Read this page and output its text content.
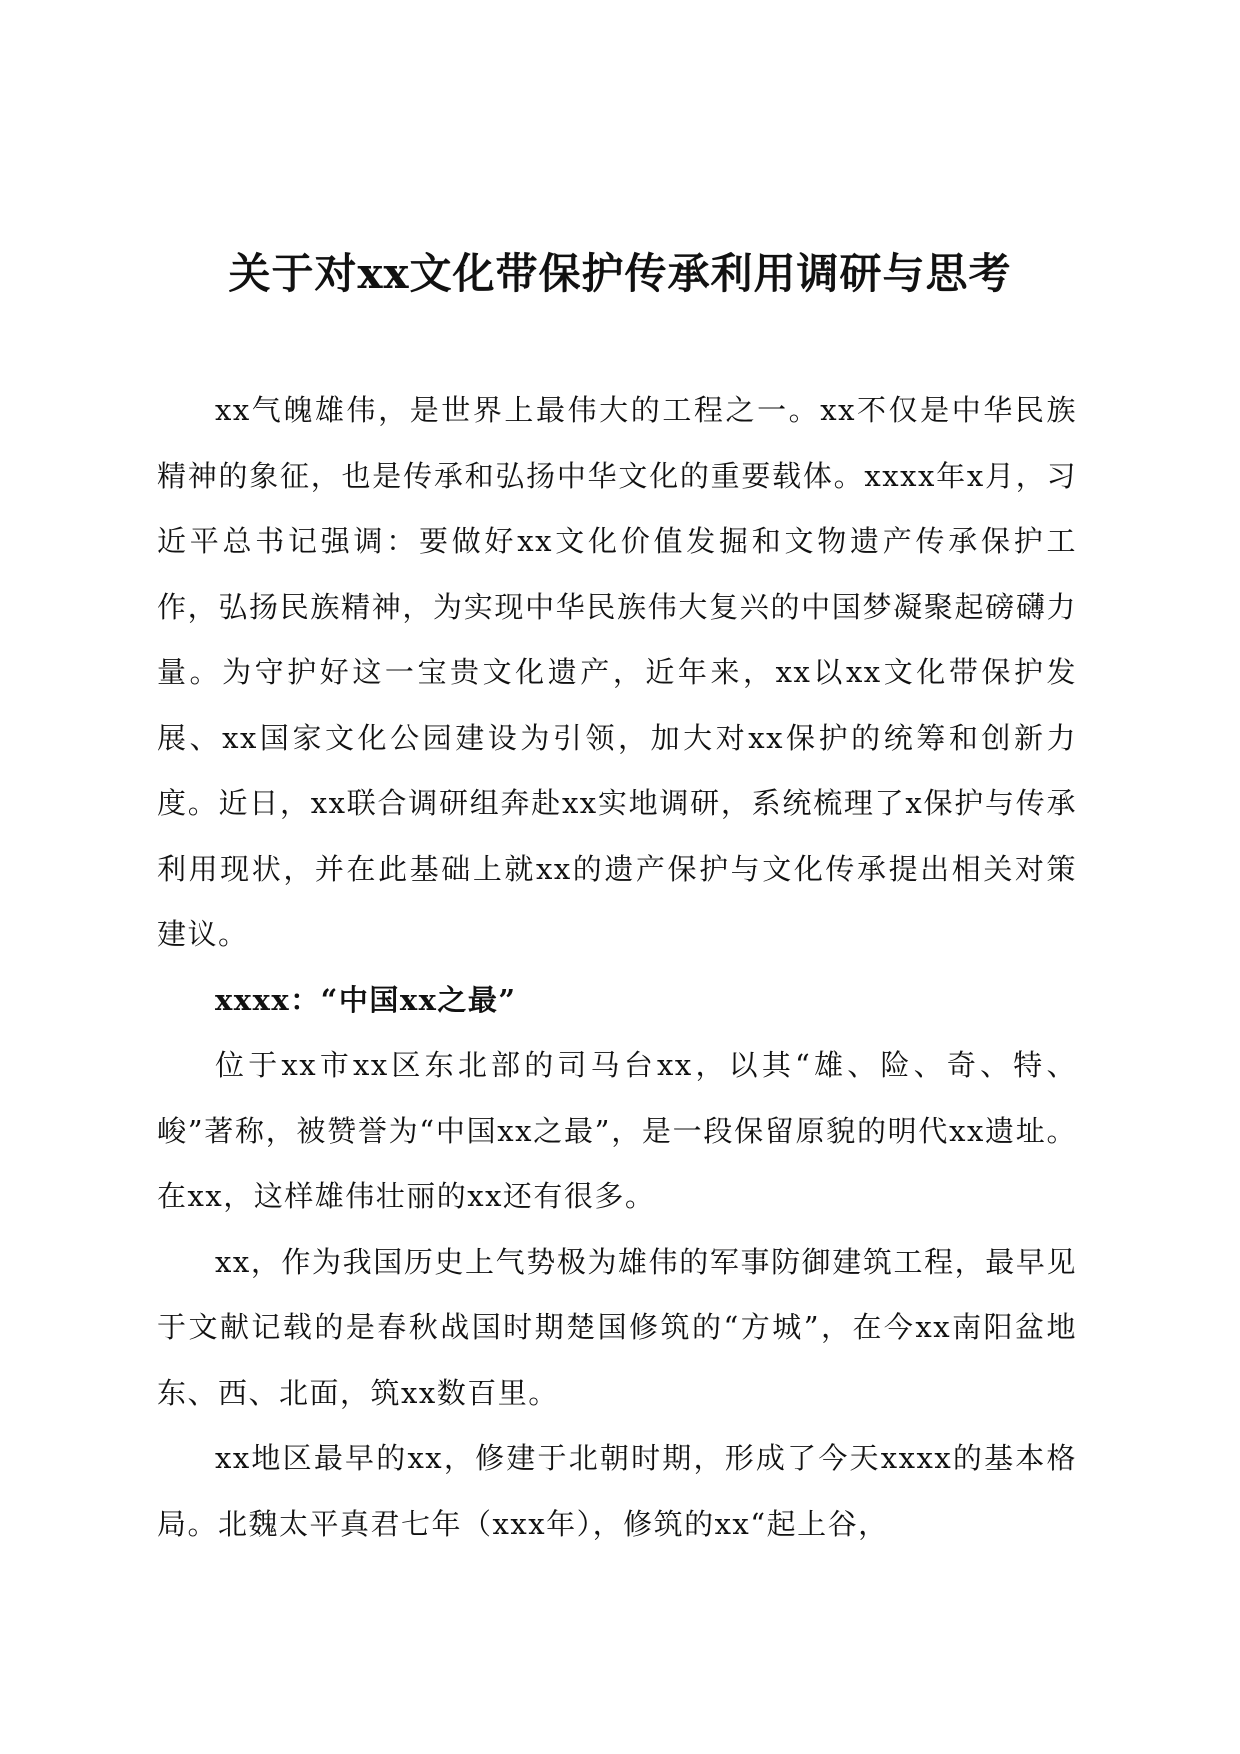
关于对xx文化带保护传承利用调研与思考

xx气魄雄伟，是世界上最伟大的工程之一。xx不仅是中华民族精神的象征，也是传承和弘扬中华文化的重要载体。xxxx年x月，习近平总书记强调：要做好xx文化价值发掘和文物遗产传承保护工作，弘扬民族精神，为实现中华民族伟大复兴的中国梦凝聚起磅礴力量。为守护好这一宝贵文化遗产，近年来，xx以xx文化带保护发展、xx国家文化公园建设为引领，加大对xx保护的统筹和创新力度。近日，xx联合调研组奔赴xx实地调研，系统梳理了x保护与传承利用现状，并在此基础上就xx的遗产保护与文化传承提出相关对策建议。

xxxx：“中国xx之最”

位于xx市xx区东北部的司马台xx，以其“雄、险、奇、特、峻”著称，被赞誉为“中国xx之最”，是一段保留原貌的明代xx遗址。在xx，这样雄伟壮丽的xx还有很多。

xx，作为我国历史上气势极为雄伟的军事防御建筑工程，最早见于文献记载的是春秋战国时期楚国修筑的“方城”，在今xx南阳盆地东、西、北面，筑xx数百里。

xx地区最早的xx，修建于北朝时期，形成了今天xxxx的基本格局。北魏太平真君七年（xxx年），修筑的xx“起上谷，
